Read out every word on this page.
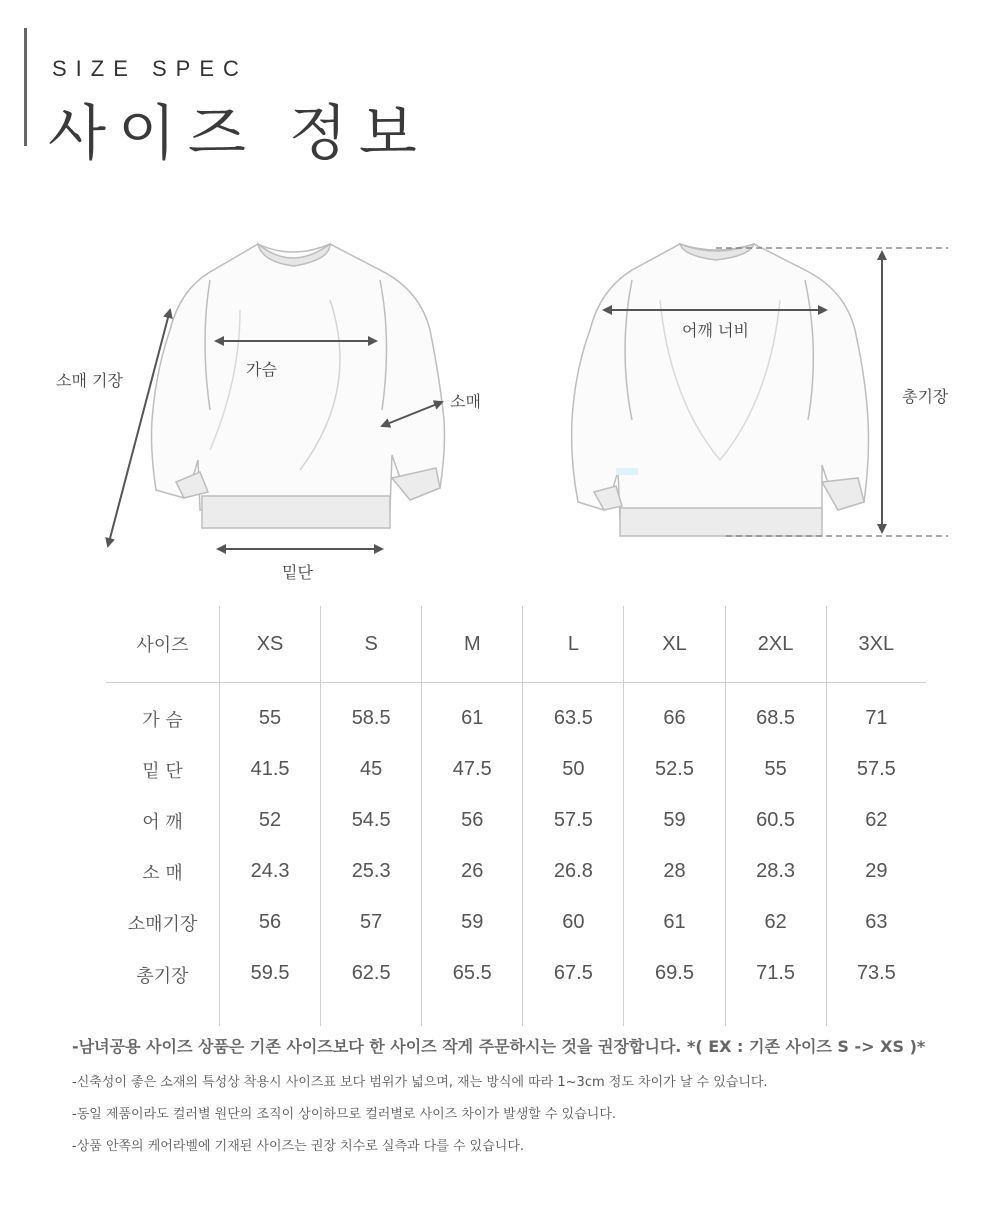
SIZE SPEC
사이즈 정보
소매 기장
가슴
소매
밑단
어깨 너비
총기장
사이즈	XS	S	M	L	XL	2XL	3XL
가 슴	55	58.5	61	63.5	66	68.5	71
밑 단	41.5	45	47.5	50	52.5	55	57.5
어 깨	52	54.5	56	57.5	59	60.5	62
소 매	24.3	25.3	26	26.8	28	28.3	29
소매기장	56	57	59	60	61	62	63
총기장	59.5	62.5	65.5	67.5	69.5	71.5	73.5

-남녀공용 사이즈 상품은 기존 사이즈보다 한 사이즈 작게 주문하시는 것을 권장합니다. *( EX : 기존 사이즈 S -> XS )*

-신축성이 좋은 소재의 특성상 착용시 사이즈표 보다 범위가 넓으며, 재는 방식에 따라 1~3cm 정도 차이가 날 수 있습니다.

-동일 제품이라도 컬러별 원단의 조직이 상이하므로 컬러별로 사이즈 차이가 발생할 수 있습니다.

-상품 안쪽의 케어라벨에 기재된 사이즈는 권장 치수로 실측과 다를 수 있습니다.
